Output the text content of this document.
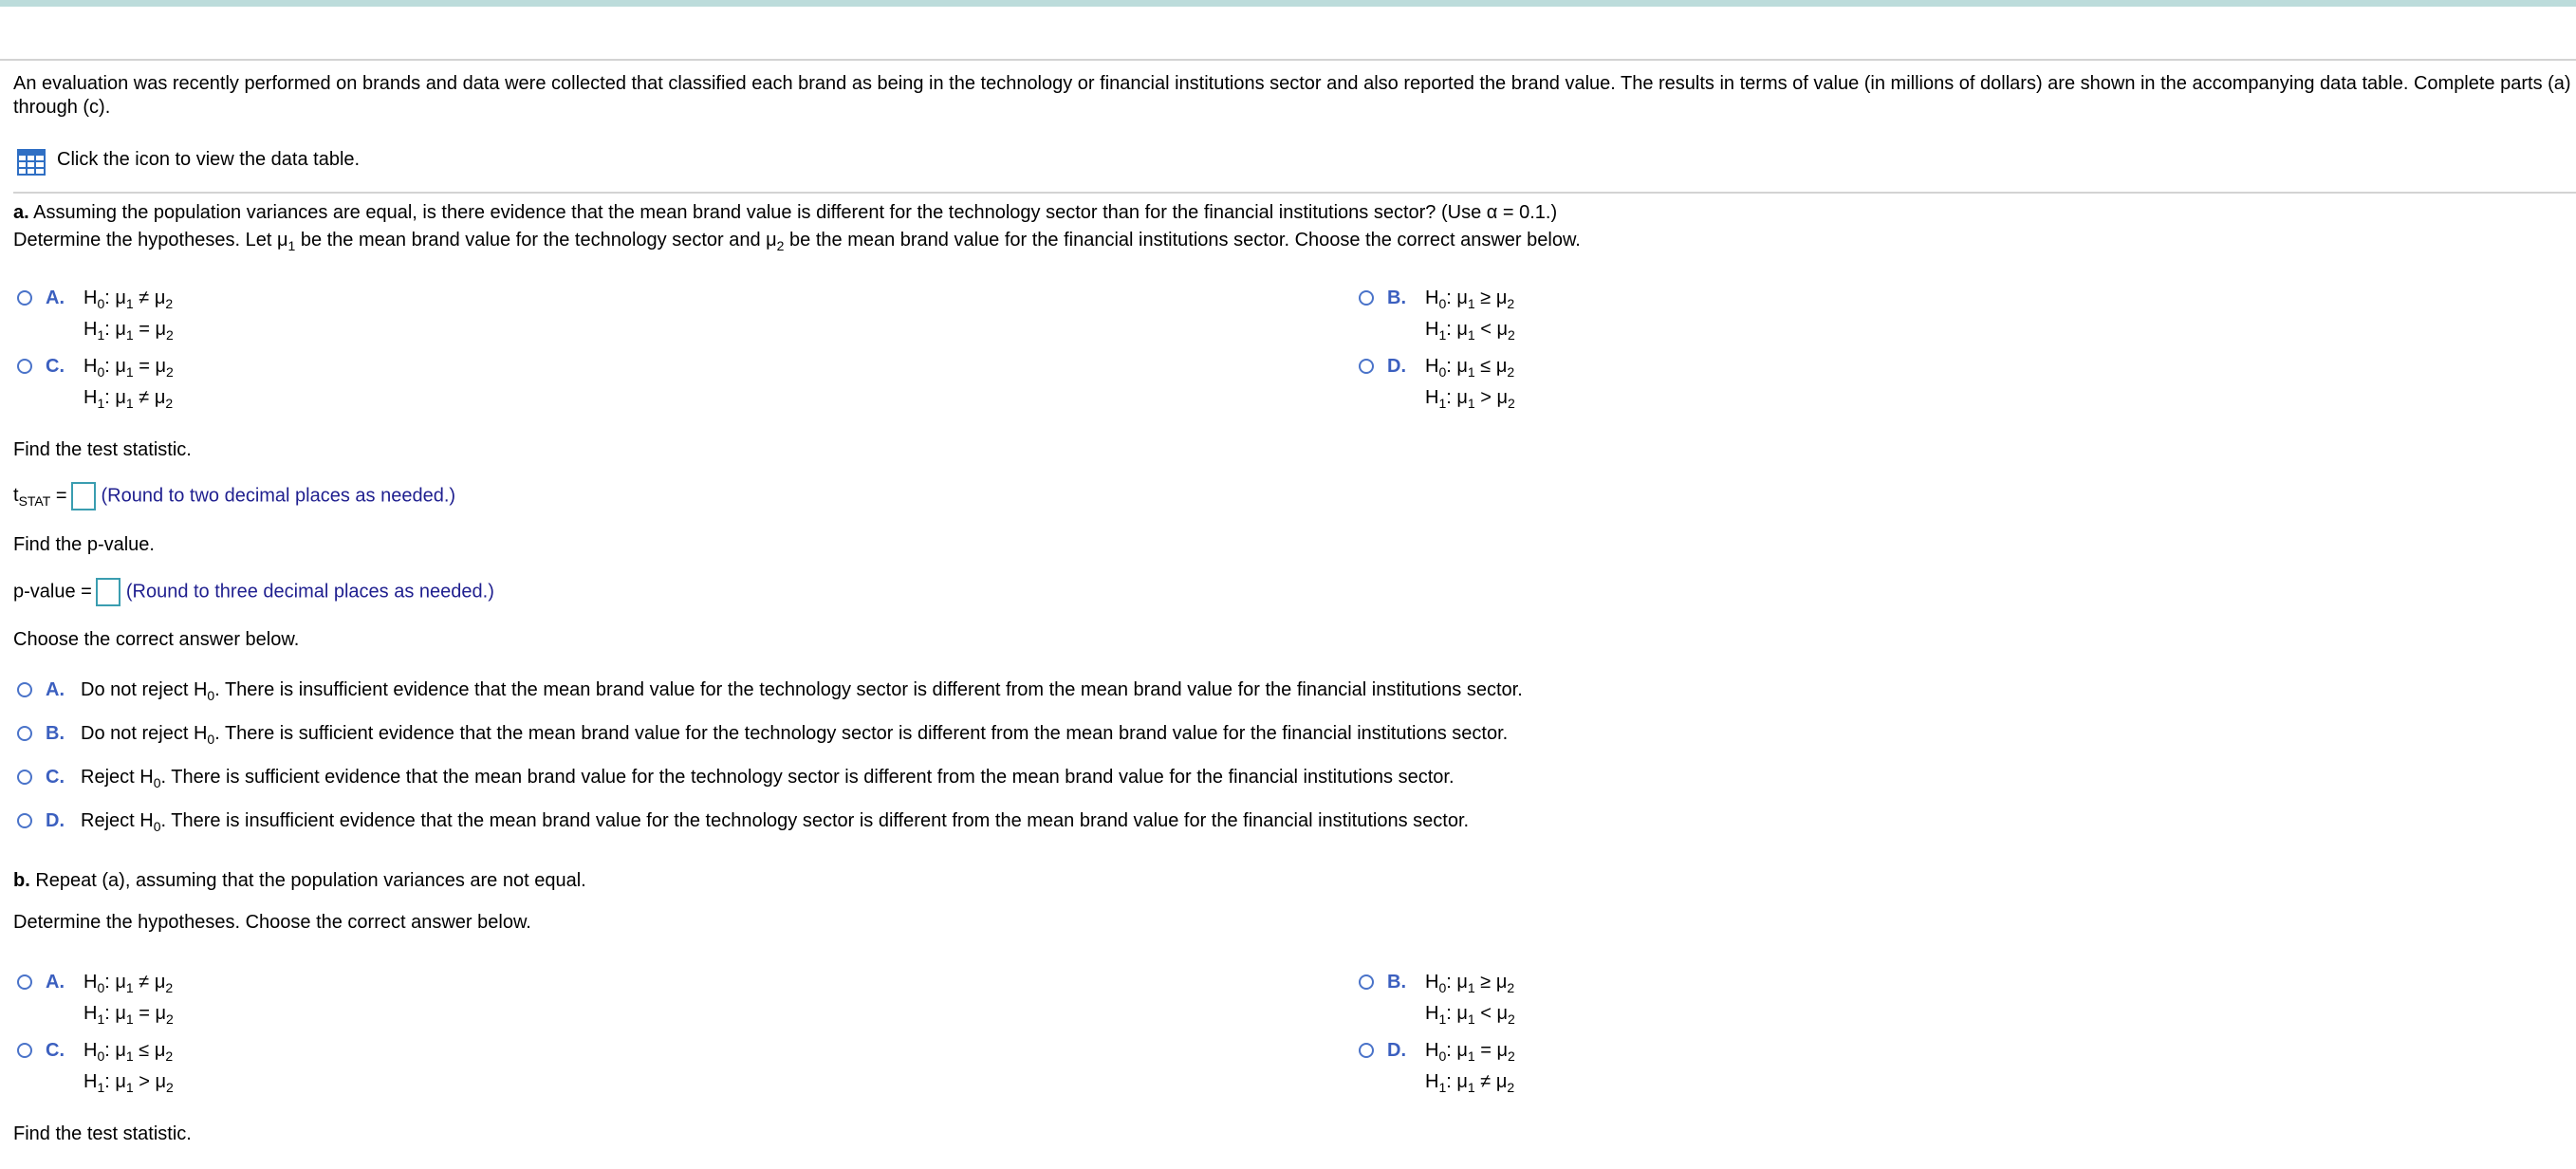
An evaluation was recently performed on brands and data were collected that classified each brand as being in the technology or financial institutions sector and also reported the brand value. The results in terms of value (in millions of dollars) are shown in the accompanying data table. Complete parts (a) through (c).
Click the icon to view the data table.
a. Assuming the population variances are equal, is there evidence that the mean brand value is different for the technology sector than for the financial institutions sector? (Use α = 0.1.)
Determine the hypotheses. Let $\mu_1$ be the mean brand value for the technology sector and $\mu_2$ be the mean brand value for the financial institutions sector. Choose the correct answer below.
A. $H_0$: $\mu_1 \ne \mu_2$
$H_1$: $\mu_1 = \mu_2$
B. $H_0$: $\mu_1 \ge \mu_2$
$H_1$: $\mu_1 < \mu_2$
C. $H_0$: $\mu_1 = \mu_2$
$H_1$: $\mu_1 \ne \mu_2$
D. $H_0$: $\mu_1 \le \mu_2$
$H_1$: $\mu_1 > \mu_2$
Find the test statistic.
$t_{STAT}$ = (Round to two decimal places as needed.)
Find the p-value.
p-value = (Round to three decimal places as needed.)
Choose the correct answer below.
A. Do not reject $H_0$. There is insufficient evidence that the mean brand value for the technology sector is different from the mean brand value for the financial institutions sector.
B. Do not reject $H_0$. There is sufficient evidence that the mean brand value for the technology sector is different from the mean brand value for the financial institutions sector.
C. Reject $H_0$. There is sufficient evidence that the mean brand value for the technology sector is different from the mean brand value for the financial institutions sector.
D. Reject $H_0$. There is insufficient evidence that the mean brand value for the technology sector is different from the mean brand value for the financial institutions sector.
b. Repeat (a), assuming that the population variances are not equal.
Determine the hypotheses. Choose the correct answer below.
A. $H_0$: $\mu_1 \ne \mu_2$
$H_1$: $\mu_1 = \mu_2$
B. $H_0$: $\mu_1 \ge \mu_2$
$H_1$: $\mu_1 < \mu_2$
C. $H_0$: $\mu_1 \le \mu_2$
$H_1$: $\mu_1 > \mu_2$
D. $H_0$: $\mu_1 = \mu_2$
$H_1$: $\mu_1 \ne \mu_2$
Find the test statistic.
